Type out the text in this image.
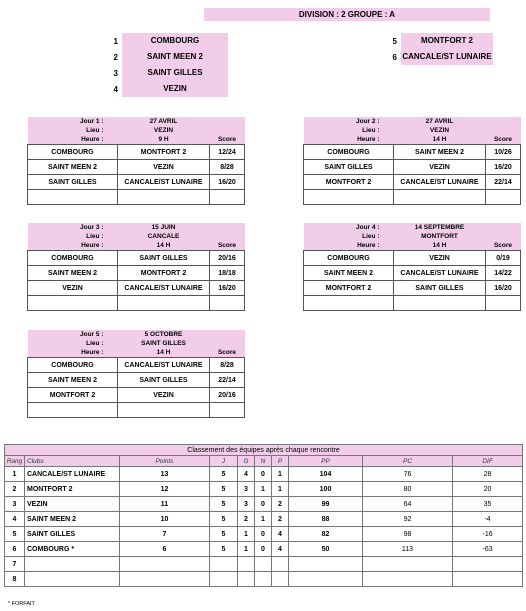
DIVISION : 2 GROUPE : A
1	COMBOURG
2	SAINT MEEN 2
3	SAINT GILLES
4	VEZIN
5	MONTFORT 2
6 CANCALE/ST LUNAIRE
Jour 1 :	27 AVRIL	
Lieu :	VEZIN	
Heure :	9 H	Score
COMBOURG	MONTFORT 2	12/24
SAINT MEEN 2	VEZIN	8/28
SAINT GILLES	CANCALE/ST LUNAIRE	16/20

Jour 2 :	27 AVRIL	
Lieu :	VEZIN	
Heure :	14 H	Score
COMBOURG	SAINT MEEN 2	10/26
SAINT GILLES	VEZIN	16/20
MONTFORT 2	CANCALE/ST LUNAIRE	22/14

Jour 3 :	15 JUIN	
Lieu :	CANCALE	
Heure :	14 H	Score
COMBOURG	SAINT GILLES	20/16
SAINT MEEN 2	MONTFORT 2	18/18
VEZIN	CANCALE/ST LUNAIRE	16/20

Jour 4 :	14 SEPTEMBRE	
Lieu :	MONTFORT	
Heure :	14 H	Score
COMBOURG	VEZIN	0/19
SAINT MEEN 2	CANCALE/ST LUNAIRE	14/22
MONTFORT 2	SAINT GILLES	16/20

Jour 5 :	5 OCTOBRE	
Lieu :	SAINT GILLES	
Heure :	14 H	Score
COMBOURG	CANCALE/ST LUNAIRE	8/28
SAINT MEEN 2	SAINT GILLES	22/14
MONTFORT 2	VEZIN	20/16

Classement des équipes après chaque rencontre									
Rang	Clubs	Points	J	G	N	P	PP	PC	DIF
1	CANCALE/ST LUNAIRE	13	5	4	0	1	104	76	28
2	MONTFORT 2	12	5	3	1	1	100	80	20
3	VEZIN	11	5	3	0	2	99	64	35
4	SAINT MEEN 2	10	5	2	1	2	88	92	-4
5	SAINT GILLES	7	5	1	0	4	82	98	-16
6	COMBOURG *	6	5	1	0	4	50	113	-63
7									
8									
* FORFAIT
